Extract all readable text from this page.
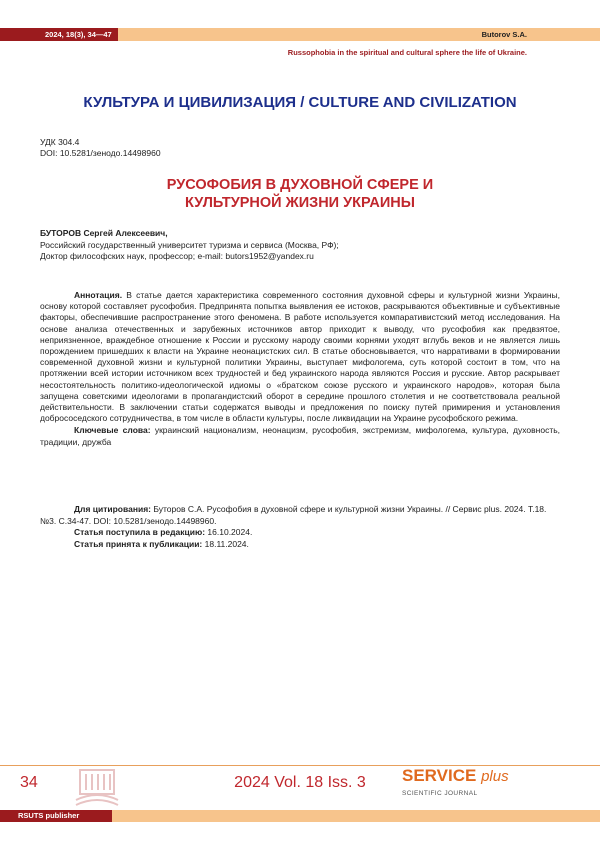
2024, 18(3), 34—47	Butorov S.A.
Russophobia in the spiritual and cultural sphere the life of Ukraine.
КУЛЬТУРА И ЦИВИЛИЗАЦИЯ / CULTURE AND CIVILIZATION
УДК 304.4
DOI: 10.5281/зенодо.14498960
РУСОФОБИЯ В ДУХОВНОЙ СФЕРЕ И
КУЛЬТУРНОЙ ЖИЗНИ УКРАИНЫ
БУТОРОВ Сергей Алексеевич,
Российский государственный университет туризма и сервиса (Москва, РФ);
Доктор философских наук, профессор; e-mail: butors1952@yandex.ru

Аннотация. В статье дается характеристика современного состояния духовной сферы и культурной жизни Украины, основу которой составляет русофобия. Предпринята попытка выявления ее истоков, раскрываются объективные и субъективные факторы, обеспечившие распространение этого феномена. В работе используется компаративистский метод исследования. На основе анализа отечественных и зарубежных источников автор приходит к выводу, что русофобия как предвзятое, неприязненное, враждебное отношение к России и русскому народу своими корнями уходят вглубь веков и не является лишь порождением пришедших к власти на Украине неонацистских сил. В статье обосновывается, что нарративами в формировании современной духовной жизни и культурной политики Украины, выступает мифологема, суть которой состоит в том, что на протяжении всей истории источником всех трудностей и бед украинского народа являются Россия и русские. Автор раскрывает несостоятельность политико-идеологической идиомы о «братском союзе русского и украинского народов», которая была запущена советскими идеологами в пропагандистский оборот в середине прошлого столетия и не соответствовала реальной действительности. В заключении статьи содержатся выводы и предложения по поиску путей примирения и установления добрососедского сотрудничества, в том числе в области культуры, после ликвидации на Украине русофобского режима.

Ключевые слова: украинский национализм, неонацизм, русофобия, экстремизм, мифологема, культура, духовность, традиции, дружба

Для цитирования: Буторов С.А. Русофобия в духовной сфере и культурной жизни Украины. // Сервис plus. 2024. Т.18. №3. С.34-47. DOI: 10.5281/зенодо.14498960.

Статья поступила в редакцию: 16.10.2024.
Статья принята к публикации: 18.11.2024.
34	2024 Vol. 18 Iss. 3	SERVICE plus
SCIENTIFIC JOURNAL
RSUTS publisher
